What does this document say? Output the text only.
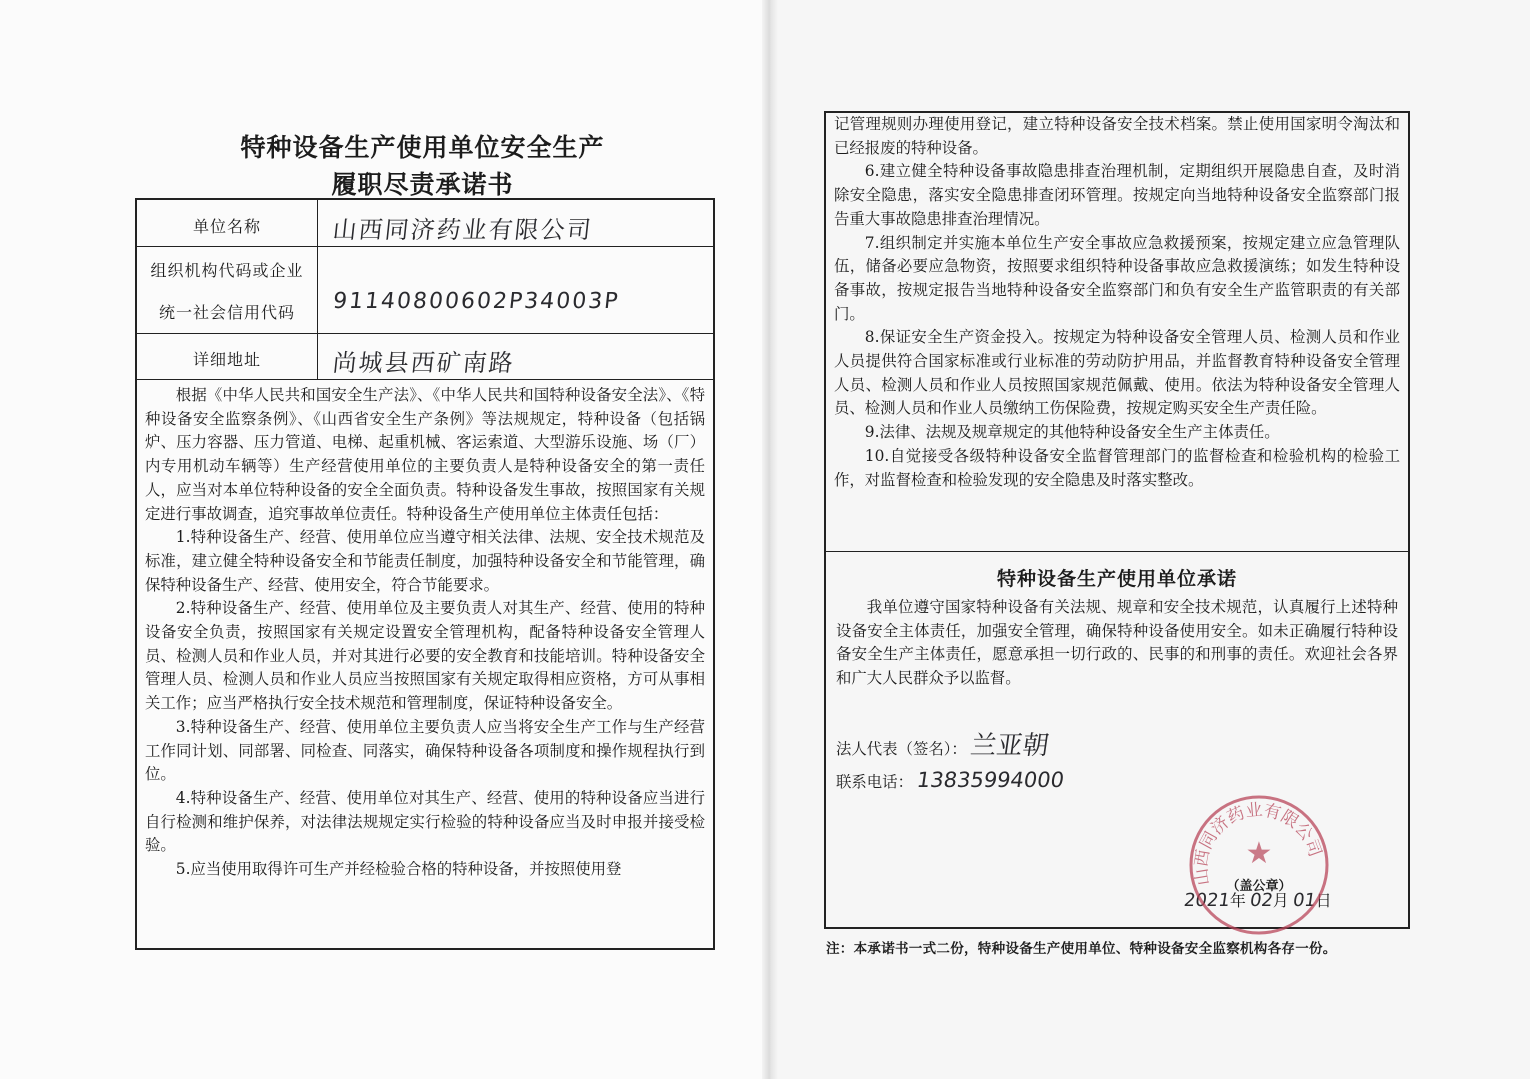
特种设备生产使用单位安全生产
履职尽责承诺书
单位名称	山西同济药业有限公司
组织机构代码或企业
统一社会信用代码	91140800602P34003P
详细地址	尚城县西矿南路

根据《中华人民共和国安全生产法》、《中华人民共和国特种设备安全法》、《特种设备安全监察条例》、《山西省安全生产条例》等法规规定，特种设备（包括锅炉、压力容器、压力管道、电梯、起重机械、客运索道、大型游乐设施、场（厂）内专用机动车辆等）生产经营使用单位的主要负责人是特种设备安全的第一责任人，应当对本单位特种设备的安全全面负责。特种设备发生事故，按照国家有关规定进行事故调查，追究事故单位责任。特种设备生产使用单位主体责任包括：

1.特种设备生产、经营、使用单位应当遵守相关法律、法规、安全技术规范及标准，建立健全特种设备安全和节能责任制度，加强特种设备安全和节能管理，确保特种设备生产、经营、使用安全，符合节能要求。

2.特种设备生产、经营、使用单位及主要负责人对其生产、经营、使用的特种设备安全负责，按照国家有关规定设置安全管理机构，配备特种设备安全管理人员、检测人员和作业人员，并对其进行必要的安全教育和技能培训。特种设备安全管理人员、检测人员和作业人员应当按照国家有关规定取得相应资格，方可从事相关工作；应当严格执行安全技术规范和管理制度，保证特种设备安全。

3.特种设备生产、经营、使用单位主要负责人应当将安全生产工作与生产经营工作同计划、同部署、同检查、同落实，确保特种设备各项制度和操作规程执行到位。

4.特种设备生产、经营、使用单位对其生产、经营、使用的特种设备应当进行自行检测和维护保养，对法律法规规定实行检验的特种设备应当及时申报并接受检验。

5.应当使用取得许可生产并经检验合格的特种设备，并按照使用登

记管理规则办理使用登记，建立特种设备安全技术档案。禁止使用国家明令淘汰和已经报废的特种设备。

6.建立健全特种设备事故隐患排查治理机制，定期组织开展隐患自查，及时消除安全隐患，落实安全隐患排查闭环管理。按规定向当地特种设备安全监察部门报告重大事故隐患排查治理情况。

7.组织制定并实施本单位生产安全事故应急救援预案，按规定建立应急管理队伍，储备必要应急物资，按照要求组织特种设备事故应急救援演练；如发生特种设备事故，按规定报告当地特种设备安全监察部门和负有安全生产监管职责的有关部门。

8.保证安全生产资金投入。按规定为特种设备安全管理人员、检测人员和作业人员提供符合国家标准或行业标准的劳动防护用品，并监督教育特种设备安全管理人员、检测人员和作业人员按照国家规范佩戴、使用。依法为特种设备安全管理人员、检测人员和作业人员缴纳工伤保险费，按规定购买安全生产责任险。

9.法律、法规及规章规定的其他特种设备安全生产主体责任。

10.自觉接受各级特种设备安全监督管理部门的监督检查和检验机构的检验工作，对监督检查和检验发现的安全隐患及时落实整改。

特种设备生产使用单位承诺

我单位遵守国家特种设备有关法规、规章和安全技术规范，认真履行上述特种设备安全主体责任，加强安全管理，确保特种设备使用安全。如未正确履行特种设备安全生产主体责任，愿意承担一切行政的、民事的和刑事的责任。欢迎社会各界和广大人民群众予以监督。

法人代表（签名）：兰亚朝
联系电话： 13835994000
2021年 02月 01日
山西同济药业有限公司
★
（盖公章）
注：本承诺书一式二份，特种设备生产使用单位、特种设备安全监察机构各存一份。
